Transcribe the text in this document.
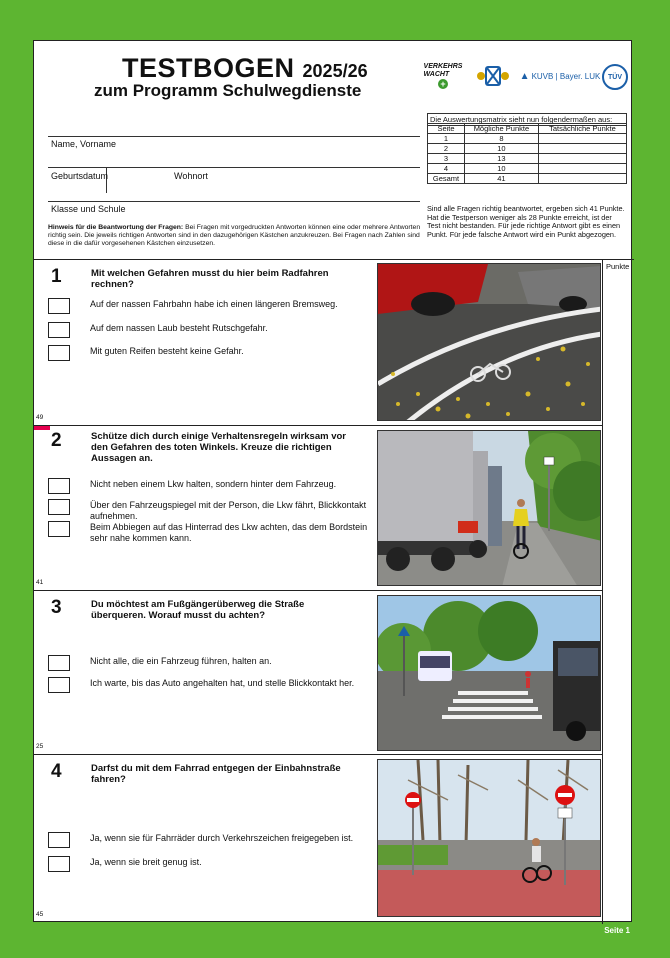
TESTBOGEN 2025/26
zum Programm Schulwegdienste
VERKEHRS WACHT
+
▲ KUVB | Bayer. LUK	TÜV
Name, Vorname
Geburtsdatum	Wohnort
Klasse und Schule
Die Auswertungsmatrix sieht nun folgendermaßen aus:
Seite	Mögliche Punkte	Tatsächliche Punkte
1	8	
2	10	
3	13	
4	10	
Gesamt	41	
Sind alle Fragen richtig beantwortet, ergeben sich 41 Punkte. Hat die Testperson weniger als 28 Punkte erreicht, ist der Test nicht bestanden. Für jede richtige Antwort gibt es einen Punkt. Für jede falsche Antwort wird ein Punkt abgezogen.
Hinweis für die Beantwortung der Fragen: Bei Fragen mit vorgedruckten Antworten können eine oder mehrere Antworten richtig sein. Die jeweils richtigen Antworten sind in den dazugehörigen Kästchen anzukreuzen. Bei Fragen nach Zahlen sind diese in die dafür vorgesehenen Kästchen einzusetzen.
Punkte
1	Mit welchen Gefahren musst du hier beim Radfahren rechnen?
Auf der nassen Fahrbahn habe ich einen längeren Bremsweg.
Auf dem nassen Laub besteht Rutschgefahr.
Mit guten Reifen besteht keine Gefahr.
49
2	Schütze dich durch einige Verhaltensregeln wirksam vor den Gefahren des toten Winkels. Kreuze die richtigen Aussagen an.
Nicht neben einem Lkw halten, sondern hinter dem Fahrzeug.
Über den Fahrzeugspiegel mit der Person, die Lkw fährt, Blickkontakt aufnehmen.
Beim Abbiegen auf das Hinterrad des Lkw achten, das dem Bordstein sehr nahe kommen kann.
41
3	Du möchtest am Fußgängerüberweg die Straße überqueren. Worauf musst du achten?
Nicht alle, die ein Fahrzeug führen, halten an.
Ich warte, bis das Auto angehalten hat, und stelle Blickkontakt her.
25
4	Darfst du mit dem Fahrrad entgegen der Einbahnstraße fahren?
Ja, wenn sie für Fahrräder durch Verkehrszeichen freigegeben ist.
Ja, wenn sie breit genug ist.
45
Seite 1
